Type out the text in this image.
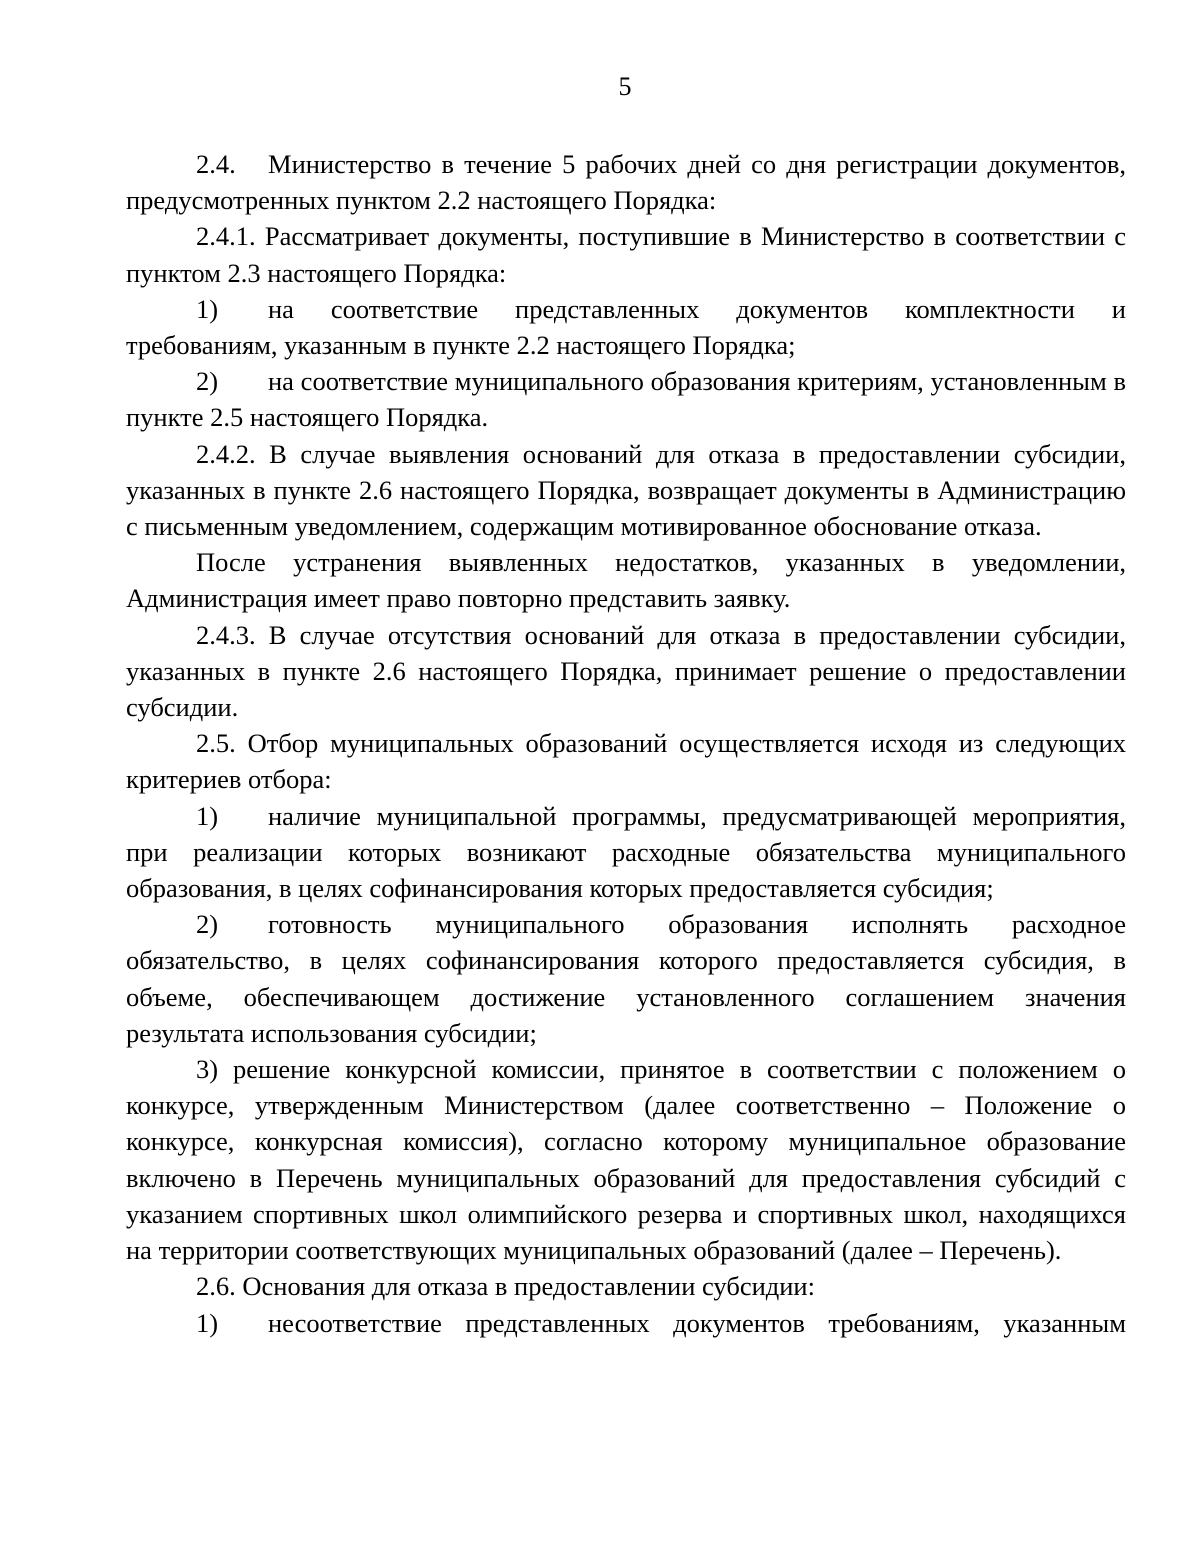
5

2.4. Министерство в течение 5 рабочих дней со дня регистрации документов, предусмотренных пунктом 2.2 настоящего Порядка:

2.4.1. Рассматривает документы, поступившие в Министерство в соответствии с пунктом 2.3 настоящего Порядка:

1) на соответствие представленных документов комплектности и требованиям, указанным в пункте 2.2 настоящего Порядка;

2) на соответствие муниципального образования критериям, установленным в пункте 2.5 настоящего Порядка.

2.4.2. В случае выявления оснований для отказа в предоставлении субсидии, указанных в пункте 2.6 настоящего Порядка, возвращает документы в Администрацию с письменным уведомлением, содержащим мотивированное обоснование отказа.

После устранения выявленных недостатков, указанных в уведомлении, Администрация имеет право повторно представить заявку.

2.4.3. В случае отсутствия оснований для отказа в предоставлении субсидии, указанных в пункте 2.6 настоящего Порядка, принимает решение о предоставлении субсидии.

2.5. Отбор муниципальных образований осуществляется исходя из следующих критериев отбора:

1) наличие муниципальной программы, предусматривающей мероприятия, при реализации которых возникают расходные обязательства муниципального образования, в целях софинансирования которых предоставляется субсидия;

2) готовность муниципального образования исполнять расходное обязательство, в целях софинансирования которого предоставляется субсидия, в объеме, обеспечивающем достижение установленного соглашением значения результата использования субсидии;

3) решение конкурсной комиссии, принятое в соответствии с положением о конкурсе, утвержденным Министерством (далее соответственно – Положение о конкурсе, конкурсная комиссия), согласно которому муниципальное образование включено в Перечень муниципальных образований для предоставления субсидий с указанием спортивных школ олимпийского резерва и спортивных школ, находящихся на территории соответствующих муниципальных образований (далее – Перечень).

2.6. Основания для отказа в предоставлении субсидии:

1) несоответствие представленных документов требованиям, указанным
